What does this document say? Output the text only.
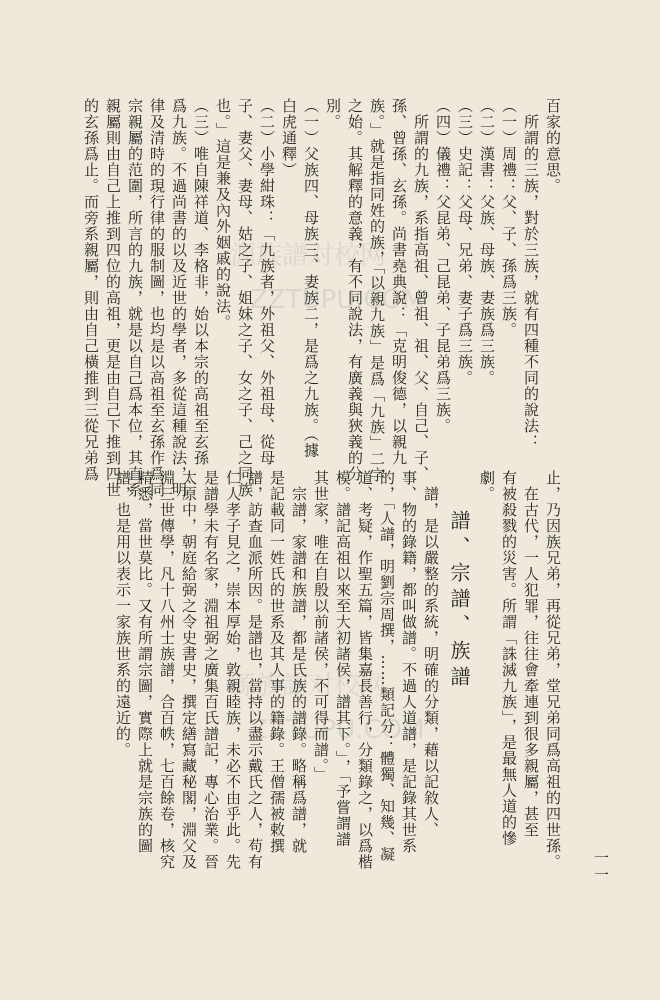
源族譜对校网
ZZTUPU.COM
源族譜对校网
ZZTUPU.COM
百家的意思。
　所謂的三族，對於三族，就有四種不同的說法：
（一）周禮：父、子、孫爲三族。
（二）漢書：父族、母族、妻族爲三族。
（三）史記：父母、兄弟、妻子爲三族。
（四）儀禮：父昆弟、己昆弟、子昆弟爲三族。
　所謂的九族，系指高祖、曾祖、祖、父、自己、子、
孫、曾孫、玄孫。尚書堯典說：「克明俊德，以親九
族。」就是指同姓的族，「以親九族」是爲「九族」二字
之始。其解釋的意義，有不同說法，有廣義與狹義的分
別。
（一）父族四、母族三、妻族二，是爲之九族。（據
白虎通釋）
（二）小學紺珠：「九族者，外祖父、外祖母、從母
子、妻父、妻母、姑之子、姐妹之子、女之子、己之同族
也。」這是兼及內外姻戚的說法。
（三）唯自陳祥道、李格非，始以本宗的高祖至玄孫
爲九族。不過尚書的以及近世的學者，多從這種說法，明
律及清時的現行律的服制圖，也均是以高祖至玄孫作爲同
宗親屬的范圍，所言的九族，就是以自己爲本位，其直系
親屬則由自己上推到四位的高祖，更是由自己下推到四世
的玄孫爲止。而旁系親屬，則由自己橫推到三從兄弟爲
止，乃因族兄弟，再從兄弟，堂兄弟同爲高祖的四世孫。
　在古代，一人犯罪，往往會牽連到很多親屬，甚至
有被殺戮的災害。所謂「誅滅九族」，是最無人道的慘
劇。
譜、宗譜、族譜
　譜，是以嚴整的系統，明確的分類，藉以記敘人、
事、物的錄籍，都叫做譜。不過人道譜，是記錄其世系
的，「人譜，明劉宗周撰，……類記分：體獨、知幾、凝
道、考疑，作聖五篇，皆集嘉長善行，分類錄之，以爲楷
模。譜記高祖以來至大初諸侯，譜其下。」，「予嘗謂譜
其世家，唯在自殷以前諸侯，不可得而譜。」
　宗譜，家譜和族譜，都是氏族的譜錄。略稱爲譜，就
是記載同一姓氏的世系及其人事的籍錄。王僧孺被敕撰
譜，訪查血派所因。是譜也，當持以盡示戴氏之人，苟有
仁人孝子見之，崇本厚始，敦親睦族，未必不由乎此。先
是譜學未有名家，淵祖弼之廣集百氏譜記，專心治業。晉
太原中，朝庭給弼之令史書史，撰定繕寫藏秘閣，淵父及
淵三世傳學，凡十八州士族譜，合百帙，七百餘卷，核究
精悉，當世莫比。又有所謂宗圖，實際上就是宗族的圖
譜，也是用以表示一家族世系的遠近的。
一一
